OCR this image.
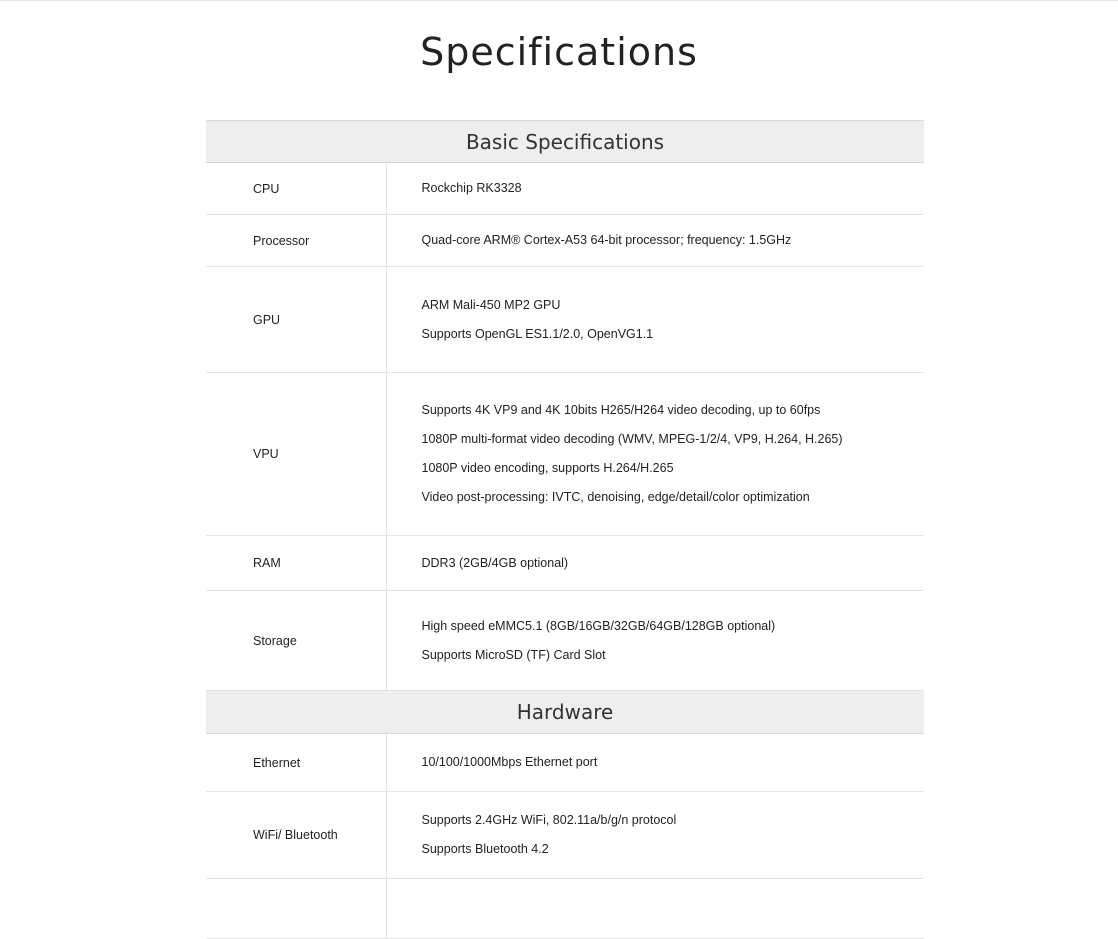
Specifications
Basic Specifications	
CPU	Rockchip RK3328

Processor	Quad-core ARM® Cortex-A53 64-bit processor; frequency: 1.5GHz

GPU	ARM Mali-450 MP2 GPU
Supports OpenGL ES1.1/2.0, OpenVG1.1

VPU	Supports 4K VP9 and 4K 10bits H265/H264 video decoding, up to 60fps
1080P multi-format video decoding (WMV, MPEG-1/2/4, VP9, H.264, H.265)
1080P video encoding, supports H.264/H.265
Video post-processing: IVTC, denoising, edge/detail/color optimization

RAM	DDR3 (2GB/4GB optional)

Storage	High speed eMMC5.1 (8GB/16GB/32GB/64GB/128GB optional)
Supports MicroSD (TF) Card Slot

Hardware	
Ethernet	10/100/1000Mbps Ethernet port

WiFi/ Bluetooth	Supports 2.4GHz WiFi, 802.11a/b/g/n protocol
Supports Bluetooth 4.2
